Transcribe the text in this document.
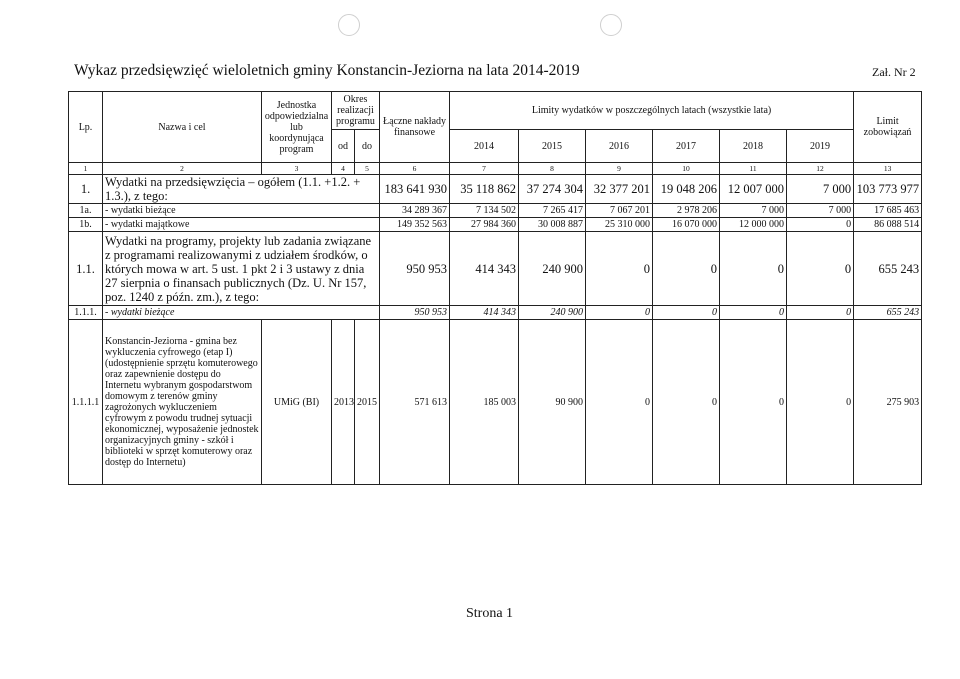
Wykaz przedsięwzięć wieloletnich gminy Konstancin-Jeziorna na lata 2014-2019	Zał. Nr 2
Lp.	Nazwa i cel	Jednostka odpowiedzialna lub koordynująca program	Okres realizacji programu		Łączne nakłady finansowe	Limity wydatków w poszczególnych latach (wszystkie lata)						Limit zobowiązań
			od	do		2014	2015	2016	2017	2018	2019	
1	2	3	4	5	6	7	8	9	10	11	12	13
1.	Wydatki na przedsięwzięcia – ogółem (1.1. +1.2. + 1.3.), z tego:				183 641 930	35 118 862	37 274 304	32 377 201	19 048 206	12 007 000	7 000	103 773 977
1a.	- wydatki bieżące				34 289 367	7 134 502	7 265 417	7 067 201	2 978 206	7 000	7 000	17 685 463
1b.	- wydatki majątkowe				149 352 563	27 984 360	30 008 887	25 310 000	16 070 000	12 000 000	0	86 088 514
1.1.	Wydatki na programy, projekty lub zadania związane z programami realizowanymi z udziałem środków, o których mowa w art. 5 ust. 1 pkt 2 i 3 ustawy z dnia 27 sierpnia o finansach publicznych (Dz. U. Nr 157, poz. 1240 z późn. zm.), z tego:				950 953	414 343	240 900	0	0	0	0	655 243
1.1.1.	- wydatki bieżące				950 953	414 343	240 900	0	0	0	0	655 243
1.1.1.1	Konstancin-Jeziorna - gmina bez wykluczenia cyfrowego (etap I) (udostępnienie sprzętu komuterowego oraz zapewnienie dostępu do Internetu wybranym gospodarstwom domowym z terenów gminy zagrożonych wykluczeniem cyfrowym z powodu trudnej sytuacji ekonomicznej, wyposażenie jednostek organizacyjnych gminy - szkół i biblioteki w sprzęt komuterowy oraz dostęp do Internetu)	UMiG (BI)	2013	2015	571 613	185 003	90 900	0	0	0	0	275 903
Strona 1
